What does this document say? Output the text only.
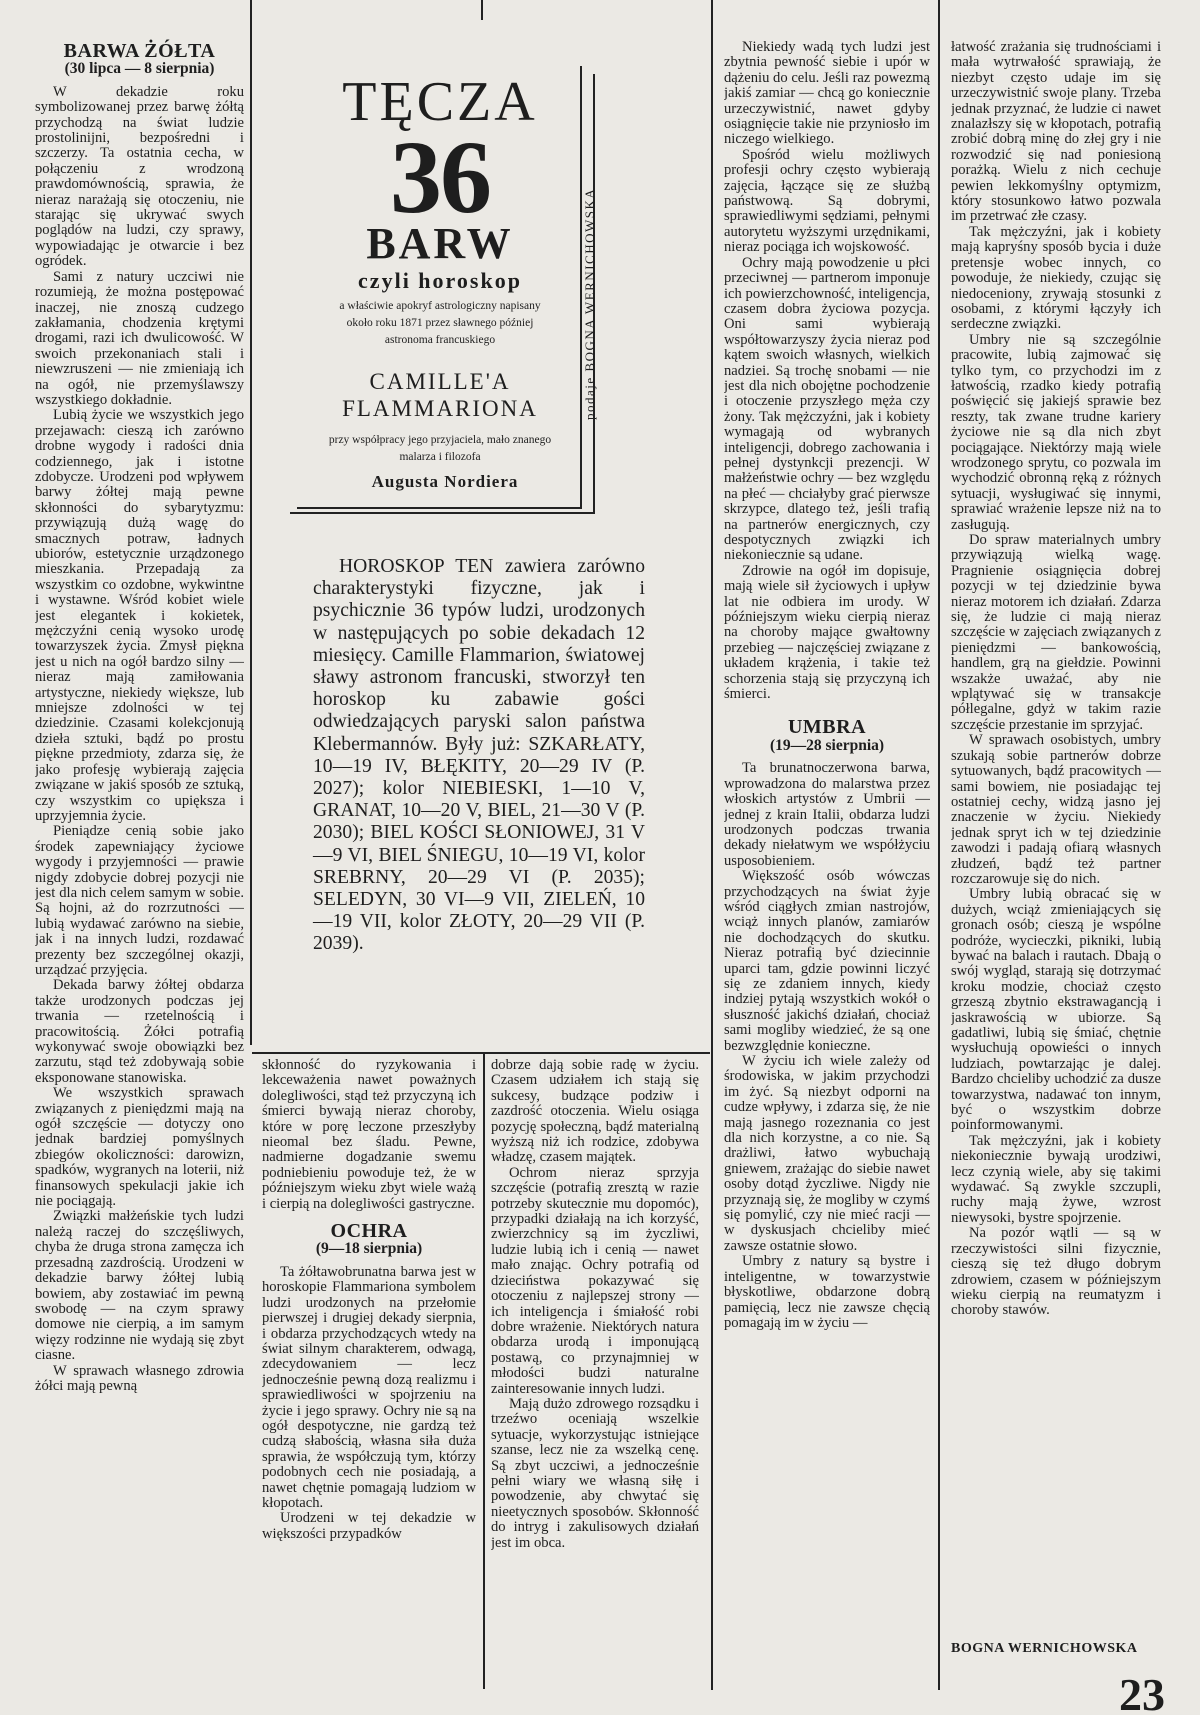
TĘCZA
36
BARW
czyli horoskop
a właściwie apokryf astrologiczny napisany około roku 1871 przez sławnego później astronoma francuskiego
CAMILLE'A FLAMMARIONA
przy współpracy jego przyjaciela, mało znanego malarza i filozofa
Augusta Nordiera
podaje BOGNA WERNICHOWSKA
HOROSKOP TEN zawiera zarówno charakterystyki fizyczne, jak i psychicznie 36 typów ludzi, urodzonych w następujących po sobie dekadach 12 miesięcy. Camille Flammarion, światowej sławy astronom francuski, stworzył ten horoskop ku zabawie gości odwiedzających paryski salon państwa Klebermannów. Były już: SZKARŁATY, 10—19 IV, BŁĘKITY, 20—29 IV (P. 2027); kolor NIEBIESKI, 1—10 V, GRANAT, 10—20 V, BIEL, 21—30 V (P. 2030); BIEL KOŚCI SŁONIOWEJ, 31 V—9 VI, BIEL ŚNIEGU, 10—19 VI, kolor SREBRNY, 20—29 VI (P. 2035); SELEDYN, 30 VI—9 VII, ZIELEŃ, 10—19 VII, kolor ZŁOTY, 20—29 VII (P. 2039).
BARWA ŻÓŁTA
(30 lipca — 8 sierpnia)

W dekadzie roku symbolizowanej przez barwę żółtą przychodzą na świat ludzie prostolinijni, bezpośredni i szczerzy. Ta ostatnia cecha, w połączeniu z wrodzoną prawdomównością, sprawia, że nieraz narażają się otoczeniu, nie starając się ukrywać swych poglądów na ludzi, czy sprawy, wypowiadając je otwarcie i bez ogródek.

Sami z natury uczciwi nie rozumieją, że można postępować inaczej, nie znoszą cudzego zakłamania, chodzenia krętymi drogami, razi ich dwulicowość. W swoich przekonaniach stali i niewzruszeni — nie zmieniają ich na ogół, nie przemyślawszy wszystkiego dokładnie.

Lubią życie we wszystkich jego przejawach: cieszą ich zarówno drobne wygody i radości dnia codziennego, jak i istotne zdobycze. Urodzeni pod wpływem barwy żółtej mają pewne skłonności do sybarytyzmu: przywiązują dużą wagę do smacznych potraw, ładnych ubiorów, estetycznie urządzonego mieszkania. Przepadają za wszystkim co ozdobne, wykwintne i wystawne. Wśród kobiet wiele jest elegantek i kokietek, mężczyźni cenią wysoko urodę towarzyszek życia. Zmysł piękna jest u nich na ogół bardzo silny — nieraz mają zamiłowania artystyczne, niekiedy większe, lub mniejsze zdolności w tej dziedzinie. Czasami kolekcjonują dzieła sztuki, bądź po prostu piękne przedmioty, zdarza się, że jako profesję wybierają zajęcia związane w jakiś sposób ze sztuką, czy wszystkim co upiększa i uprzyjemnia życie.

Pieniądze cenią sobie jako środek zapewniający życiowe wygody i przyjemności — prawie nigdy zdobycie dobrej pozycji nie jest dla nich celem samym w sobie. Są hojni, aż do rozrzutności — lubią wydawać zarówno na siebie, jak i na innych ludzi, rozdawać prezenty bez szczególnej okazji, urządzać przyjęcia.

Dekada barwy żółtej obdarza także urodzonych podczas jej trwania — rzetelnością i pracowitością. Żółci potrafią wykonywać swoje obowiązki bez zarzutu, stąd też zdobywają sobie eksponowane stanowiska.

We wszystkich sprawach związanych z pieniędzmi mają na ogół szczęście — dotyczy ono jednak bardziej pomyślnych zbiegów okoliczności: darowizn, spadków, wygranych na loterii, niż finansowych spekulacji jakie ich nie pociągają.

Związki małżeńskie tych ludzi należą raczej do szczęśliwych, chyba że druga strona zamęcza ich przesadną zazdrością. Urodzeni w dekadzie barwy żółtej lubią bowiem, aby zostawiać im pewną swobodę — na czym sprawy domowe nie cierpią, a im samym więzy rodzinne nie wydają się zbyt ciasne.

W sprawach własnego zdrowia żółci mają pewną

skłonność do ryzykowania i lekceważenia nawet poważnych dolegliwości, stąd też przyczyną ich śmierci bywają nieraz choroby, które w porę leczone przeszłyby nieomal bez śladu. Pewne, nadmierne dogadzanie swemu podniebieniu powoduje też, że w późniejszym wieku zbyt wiele ważą i cierpią na dolegliwości gastryczne.

OCHRA
(9—18 sierpnia)

Ta żółtawobrunatna barwa jest w horoskopie Flammariona symbolem ludzi urodzonych na przełomie pierwszej i drugiej dekady sierpnia, i obdarza przychodzących wtedy na świat silnym charakterem, odwagą, zdecydowaniem — lecz jednocześnie pewną dozą realizmu i sprawiedliwości w spojrzeniu na życie i jego sprawy. Ochry nie są na ogół despotyczne, nie gardzą też cudzą słabością, własna siła duża sprawia, że współczują tym, którzy podobnych cech nie posiadają, a nawet chętnie pomagają ludziom w kłopotach.

Urodzeni w tej dekadzie w większości przypadków

dobrze dają sobie radę w życiu. Czasem udziałem ich stają się sukcesy, budzące podziw i zazdrość otoczenia. Wielu osiąga pozycję społeczną, bądź materialną wyższą niż ich rodzice, zdobywa władzę, czasem majątek.

Ochrom nieraz sprzyja szczęście (potrafią zresztą w razie potrzeby skutecznie mu dopomóc), przypadki działają na ich korzyść, zwierzchnicy są im życzliwi, ludzie lubią ich i cenią — nawet mało znając. Ochry potrafią od dzieciństwa pokazywać się otoczeniu z najlepszej strony — ich inteligencja i śmiałość robi dobre wrażenie. Niektórych natura obdarza urodą i imponującą postawą, co przynajmniej w młodości budzi naturalne zainteresowanie innych ludzi.

Mają dużo zdrowego rozsądku i trzeźwo oceniają wszelkie sytuacje, wykorzystując istniejące szanse, lecz nie za wszelką cenę. Są zbyt uczciwi, a jednocześnie pełni wiary we własną siłę i powodzenie, aby chwytać się nieetycznych sposobów. Skłonność do intryg i zakulisowych działań jest im obca.

Niekiedy wadą tych ludzi jest zbytnia pewność siebie i upór w dążeniu do celu. Jeśli raz powezmą jakiś zamiar — chcą go koniecznie urzeczywistnić, nawet gdyby osiągnięcie takie nie przyniosło im niczego wielkiego.

Spośród wielu możliwych profesji ochry często wybierają zajęcia, łączące się ze służbą państwową. Są dobrymi, sprawiedliwymi sędziami, pełnymi autorytetu wyższymi urzędnikami, nieraz pociąga ich wojskowość.

Ochry mają powodzenie u płci przeciwnej — partnerom imponuje ich powierzchowność, inteligencja, czasem dobra życiowa pozycja. Oni sami wybierają współtowarzyszy życia nieraz pod kątem swoich własnych, wielkich nadziei. Są trochę snobami — nie jest dla nich obojętne pochodzenie i otoczenie przyszłego męża czy żony. Tak mężczyźni, jak i kobiety wymagają od wybranych inteligencji, dobrego zachowania i pełnej dystynkcji prezencji. W małżeństwie ochry — bez względu na płeć — chciałyby grać pierwsze skrzypce, dlatego też, jeśli trafią na partnerów energicznych, czy despotycznych związki ich niekoniecznie są udane.

Zdrowie na ogół im dopisuje, mają wiele sił życiowych i upływ lat nie odbiera im urody. W późniejszym wieku cierpią nieraz na choroby mające gwałtowny przebieg — najczęściej związane z układem krążenia, i takie też schorzenia stają się przyczyną ich śmierci.

UMBRA
(19—28 sierpnia)

Ta brunatnoczerwona barwa, wprowadzona do malarstwa przez włoskich artystów z Umbrii — jednej z krain Italii, obdarza ludzi urodzonych podczas trwania dekady niełatwym we współżyciu usposobieniem.

Większość osób wówczas przychodzących na świat żyje wśród ciągłych zmian nastrojów, wciąż innych planów, zamiarów nie dochodzących do skutku. Nieraz potrafią być dziecinnie uparci tam, gdzie powinni liczyć się ze zdaniem innych, kiedy indziej pytają wszystkich wokół o słuszność jakichś działań, chociaż sami mogliby wiedzieć, że są one bezwzględnie konieczne.

W życiu ich wiele zależy od środowiska, w jakim przychodzi im żyć. Są niezbyt odporni na cudze wpływy, i zdarza się, że nie mają jasnego rozeznania co jest dla nich korzystne, a co nie. Są drażliwi, łatwo wybuchają gniewem, zrażając do siebie nawet osoby dotąd życzliwe. Nigdy nie przyznają się, że mogliby w czymś się pomylić, czy nie mieć racji — w dyskusjach chcieliby mieć zawsze ostatnie słowo.

Umbry z natury są bystre i inteligentne, w towarzystwie błyskotliwe, obdarzone dobrą pamięcią, lecz nie zawsze chęcią pomagają im w życiu —

łatwość zrażania się trudnościami i mała wytrwałość sprawiają, że niezbyt często udaje im się urzeczywistnić swoje plany. Trzeba jednak przyznać, że ludzie ci nawet znalazłszy się w kłopotach, potrafią zrobić dobrą minę do złej gry i nie rozwodzić się nad poniesioną porażką. Wielu z nich cechuje pewien lekkomyślny optymizm, który stosunkowo łatwo pozwala im przetrwać złe czasy.

Tak mężczyźni, jak i kobiety mają kapryśny sposób bycia i duże pretensje wobec innych, co powoduje, że niekiedy, czując się niedoceniony, zrywają stosunki z osobami, z którymi łączyły ich serdeczne związki.

Umbry nie są szczególnie pracowite, lubią zajmować się tylko tym, co przychodzi im z łatwością, rzadko kiedy potrafią poświęcić się jakiejś sprawie bez reszty, tak zwane trudne kariery życiowe nie są dla nich zbyt pociągające. Niektórzy mają wiele wrodzonego sprytu, co pozwala im wychodzić obronną ręką z różnych sytuacji, wysługiwać się innymi, sprawiać wrażenie lepsze niż na to zasługują.

Do spraw materialnych umbry przywiązują wielką wagę. Pragnienie osiągnięcia dobrej pozycji w tej dziedzinie bywa nieraz motorem ich działań. Zdarza się, że ludzie ci mają nieraz szczęście w zajęciach związanych z pieniędzmi — bankowością, handlem, grą na giełdzie. Powinni wszakże uważać, aby nie wplątywać się w transakcje półlegalne, gdyż w takim razie szczęście przestanie im sprzyjać.

W sprawach osobistych, umbry szukają sobie partnerów dobrze sytuowanych, bądź pracowitych — sami bowiem, nie posiadając tej ostatniej cechy, widzą jasno jej znaczenie w życiu. Niekiedy jednak spryt ich w tej dziedzinie zawodzi i padają ofiarą własnych złudzeń, bądź też partner rozczarowuje się do nich.

Umbry lubią obracać się w dużych, wciąż zmieniających się gronach osób; cieszą je wspólne podróże, wycieczki, pikniki, lubią bywać na balach i rautach. Dbają o swój wygląd, starają się dotrzymać kroku modzie, chociaż często grzeszą zbytnio ekstrawagancją i jaskrawością w ubiorze. Są gadatliwi, lubią się śmiać, chętnie wysłuchują opowieści o innych ludziach, powtarzając je dalej. Bardzo chcieliby uchodzić za dusze towarzystwa, nadawać ton innym, być o wszystkim dobrze poinformowanymi.

Tak mężczyźni, jak i kobiety niekoniecznie bywają urodziwi, lecz czynią wiele, aby się takimi wydawać. Są zwykle szczupli, ruchy mają żywe, wzrost niewysoki, bystre spojrzenie.

Na pozór wątli — są w rzeczywistości silni fizycznie, cieszą się też długo dobrym zdrowiem, czasem w późniejszym wieku cierpią na reumatyzm i choroby stawów.

BOGNA WERNICHOWSKA
23
